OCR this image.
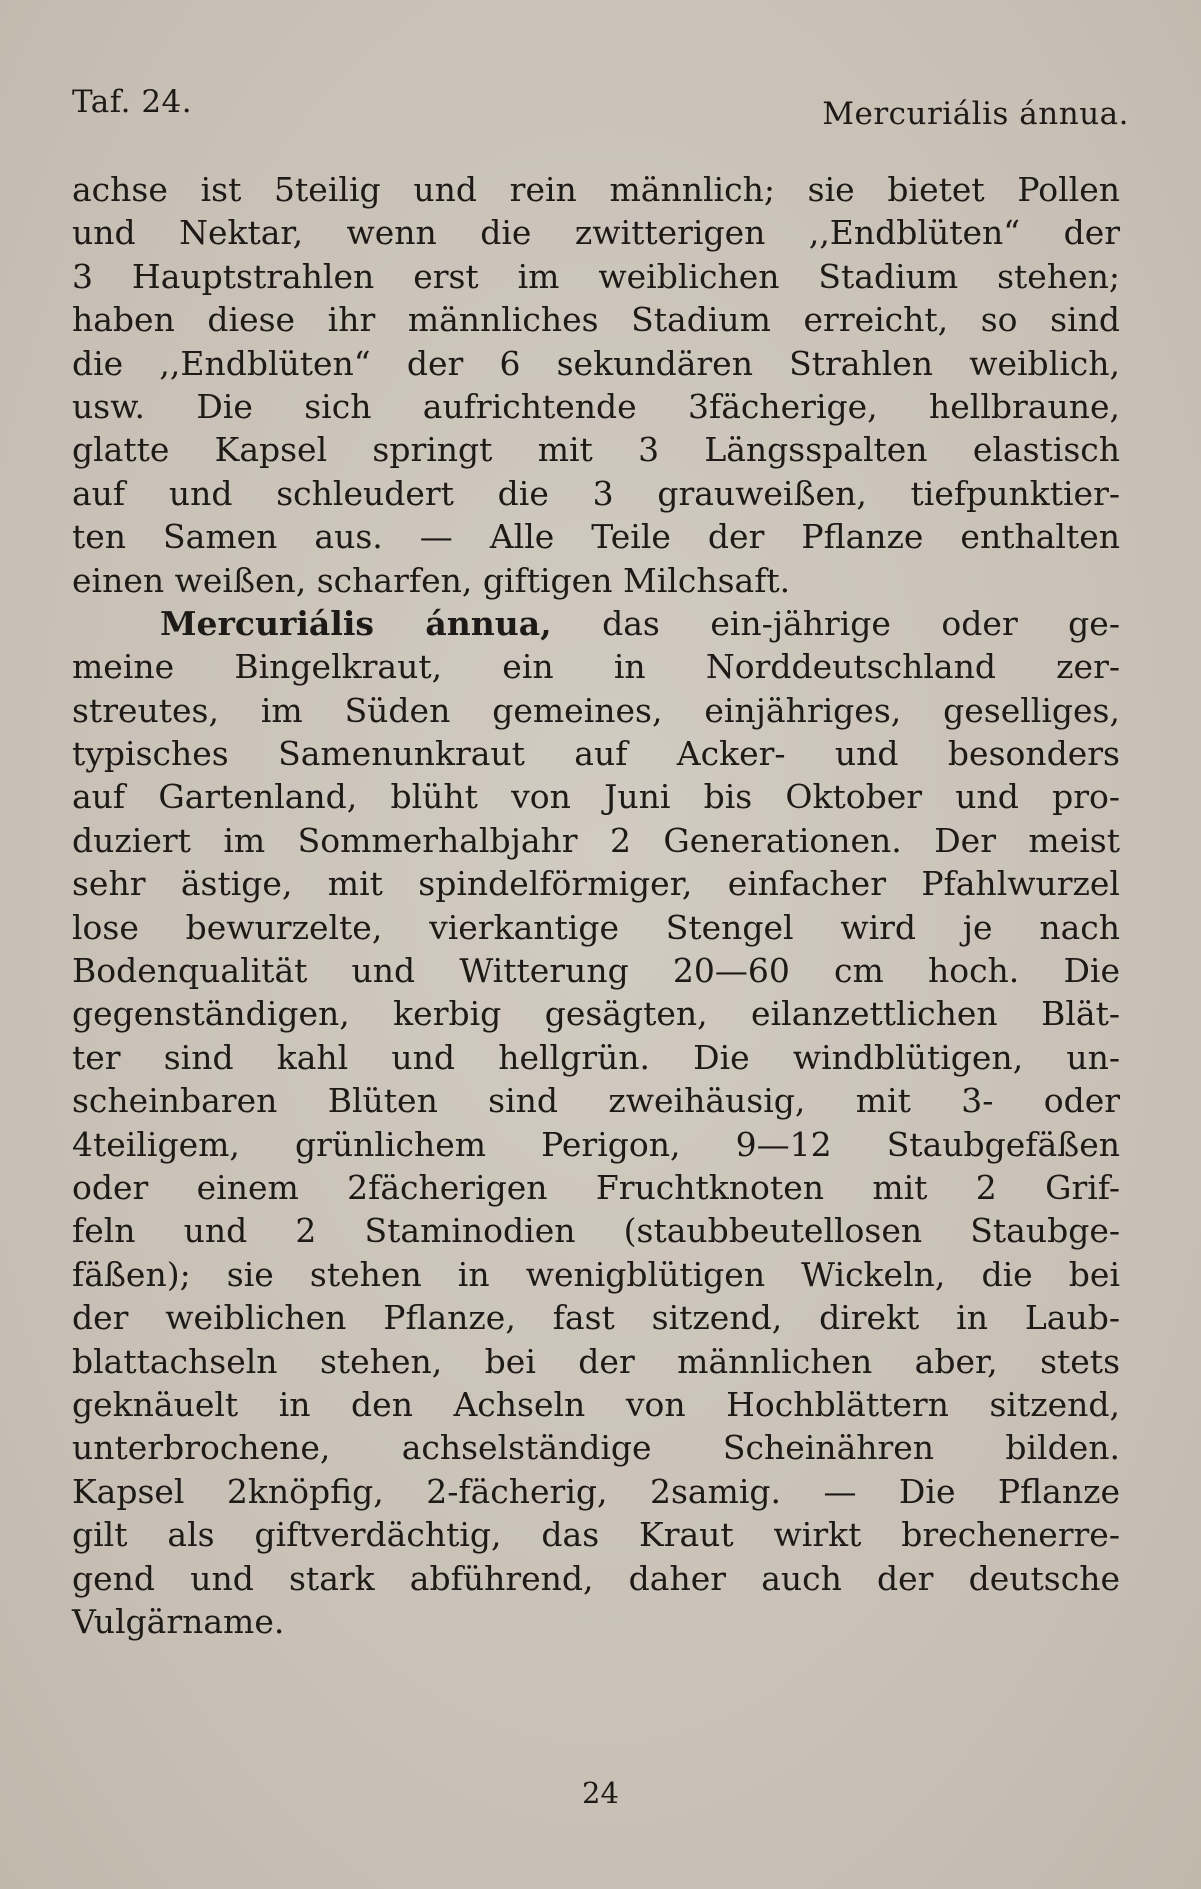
Taf. 24.	Mercuriális ánnua.
achse ist 5teilig und rein männlich; sie bietet Pollen
und Nektar, wenn die zwitterigen ,,Endblüten“ der
3 Hauptstrahlen erst im weiblichen Stadium stehen;
haben diese ihr männliches Stadium erreicht, so sind
die ,,Endblüten“ der 6 sekundären Strahlen weiblich,
usw. Die sich aufrichtende 3fächerige, hellbraune,
glatte Kapsel springt mit 3 Längsspalten elastisch
auf und schleudert die 3 grauweißen, tiefpunktier-
ten Samen aus. — Alle Teile der Pflanze enthalten
einen weißen, scharfen, giftigen Milchsaft.
Mercuriális ánnua, das ein-jährige oder ge-
meine Bingelkraut, ein in Norddeutschland zer-
streutes, im Süden gemeines, einjähriges, geselliges,
typisches Samenunkraut auf Acker- und besonders
auf Gartenland, blüht von Juni bis Oktober und pro-
duziert im Sommerhalbjahr 2 Generationen. Der meist
sehr ästige, mit spindelförmiger, einfacher Pfahlwurzel
lose bewurzelte, vierkantige Stengel wird je nach
Bodenqualität und Witterung 20—60 cm hoch. Die
gegenständigen, kerbig gesägten, eilanzettlichen Blät-
ter sind kahl und hellgrün. Die windblütigen, un-
scheinbaren Blüten sind zweihäusig, mit 3- oder
4teiligem, grünlichem Perigon, 9—12 Staubgefäßen
oder einem 2fächerigen Fruchtknoten mit 2 Grif-
feln und 2 Staminodien (staubbeutellosen Staubge-
fäßen); sie stehen in wenigblütigen Wickeln, die bei
der weiblichen Pflanze, fast sitzend, direkt in Laub-
blattachseln stehen, bei der männlichen aber, stets
geknäuelt in den Achseln von Hochblättern sitzend,
unterbrochene, achselständige Scheinähren bilden.
Kapsel 2knöpfig, 2-fächerig, 2samig. — Die Pflanze
gilt als giftverdächtig, das Kraut wirkt brechenerre-
gend und stark abführend, daher auch der deutsche
Vulgärname.
24
